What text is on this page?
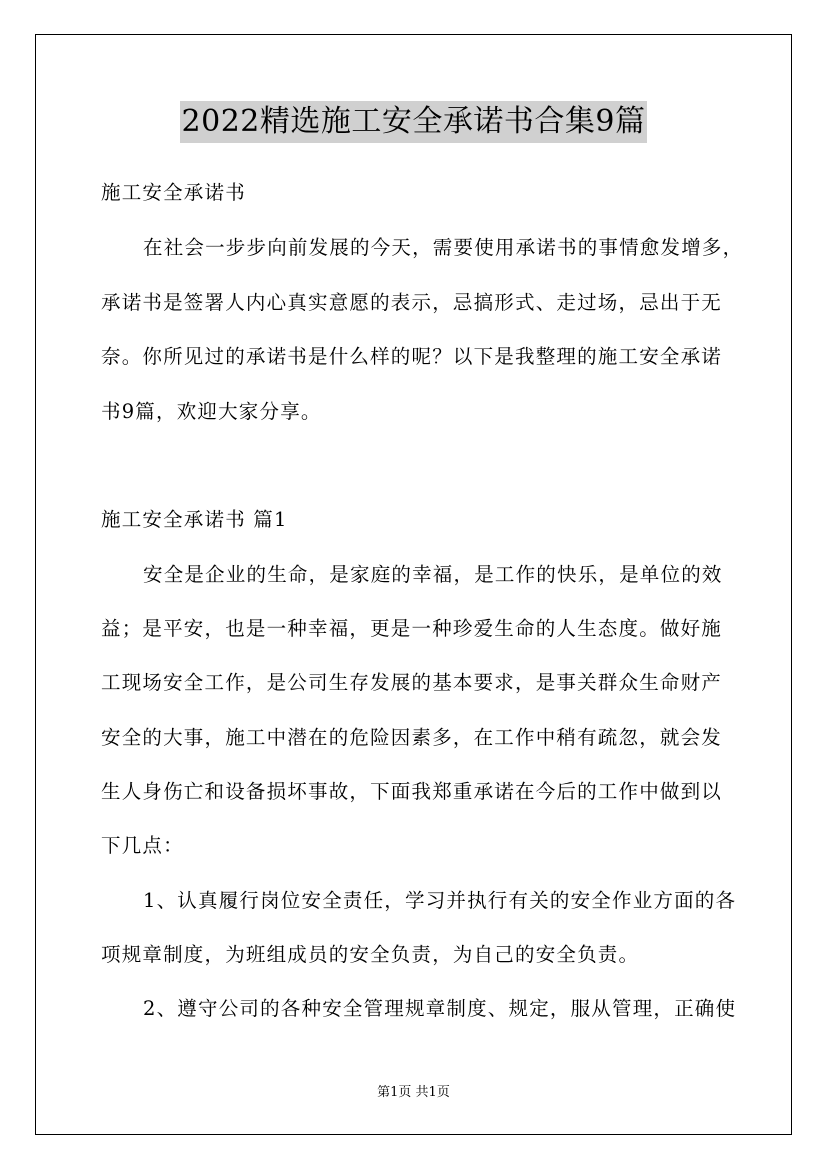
2022精选施工安全承诺书合集9篇
施工安全承诺书
在社会一步步向前发展的今天，需要使用承诺书的事情愈发增多，
承诺书是签署人内心真实意愿的表示，忌搞形式、走过场，忌出于无
奈。你所见过的承诺书是什么样的呢？以下是我整理的施工安全承诺
书9篇，欢迎大家分享。
施工安全承诺书 篇1
安全是企业的生命，是家庭的幸福，是工作的快乐，是单位的效
益；是平安，也是一种幸福，更是一种珍爱生命的人生态度。做好施
工现场安全工作，是公司生存发展的基本要求，是事关群众生命财产
安全的大事，施工中潜在的危险因素多，在工作中稍有疏忽，就会发
生人身伤亡和设备损坏事故，下面我郑重承诺在今后的工作中做到以
下几点：
1、认真履行岗位安全责任，学习并执行有关的安全作业方面的各
项规章制度，为班组成员的安全负责，为自己的安全负责。
2、遵守公司的各种安全管理规章制度、规定，服从管理，正确使
第1页 共1页
